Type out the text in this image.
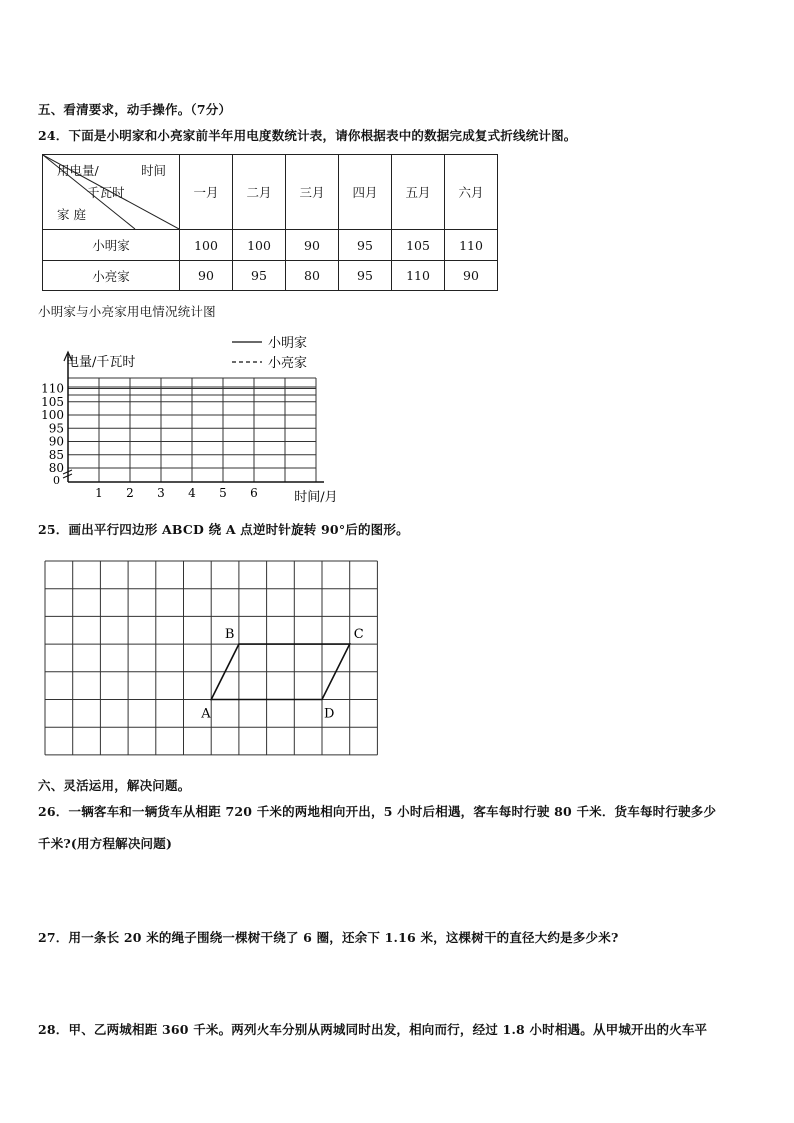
五、看清要求，动手操作。（7分）
24．下面是小明家和小亮家前半年用电度数统计表，请你根据表中的数据完成复式折线统计图。
时间
用电量/
千瓦时
家 庭	一月	二月	三月	四月	五月	六月
小明家	100	100	90	95	105	110
小亮家	90	95	80	95	110	90
小明家与小亮家用电情况统计图
80
85
90
95
100
105
110
0
1 2 3 4 5 6
电量/千瓦时
时间/月
小明家
小亮家
25．画出平行四边形 ABCD 绕 A 点逆时针旋转 90°后的图形。
A
B	C
D
六、灵活运用，解决问题。
26．一辆客车和一辆货车从相距 720 千米的两地相向开出，5 小时后相遇，客车每时行驶 80 千米．货车每时行驶多少
千米?(用方程解决问题)
27．用一条长 20 米的绳子围绕一棵树干绕了 6 圈，还余下 1.16 米，这棵树干的直径大约是多少米?
28．甲、乙两城相距 360 千米。两列火车分别从两城同时出发，相向而行，经过 1.8 小时相遇。从甲城开出的火车平
